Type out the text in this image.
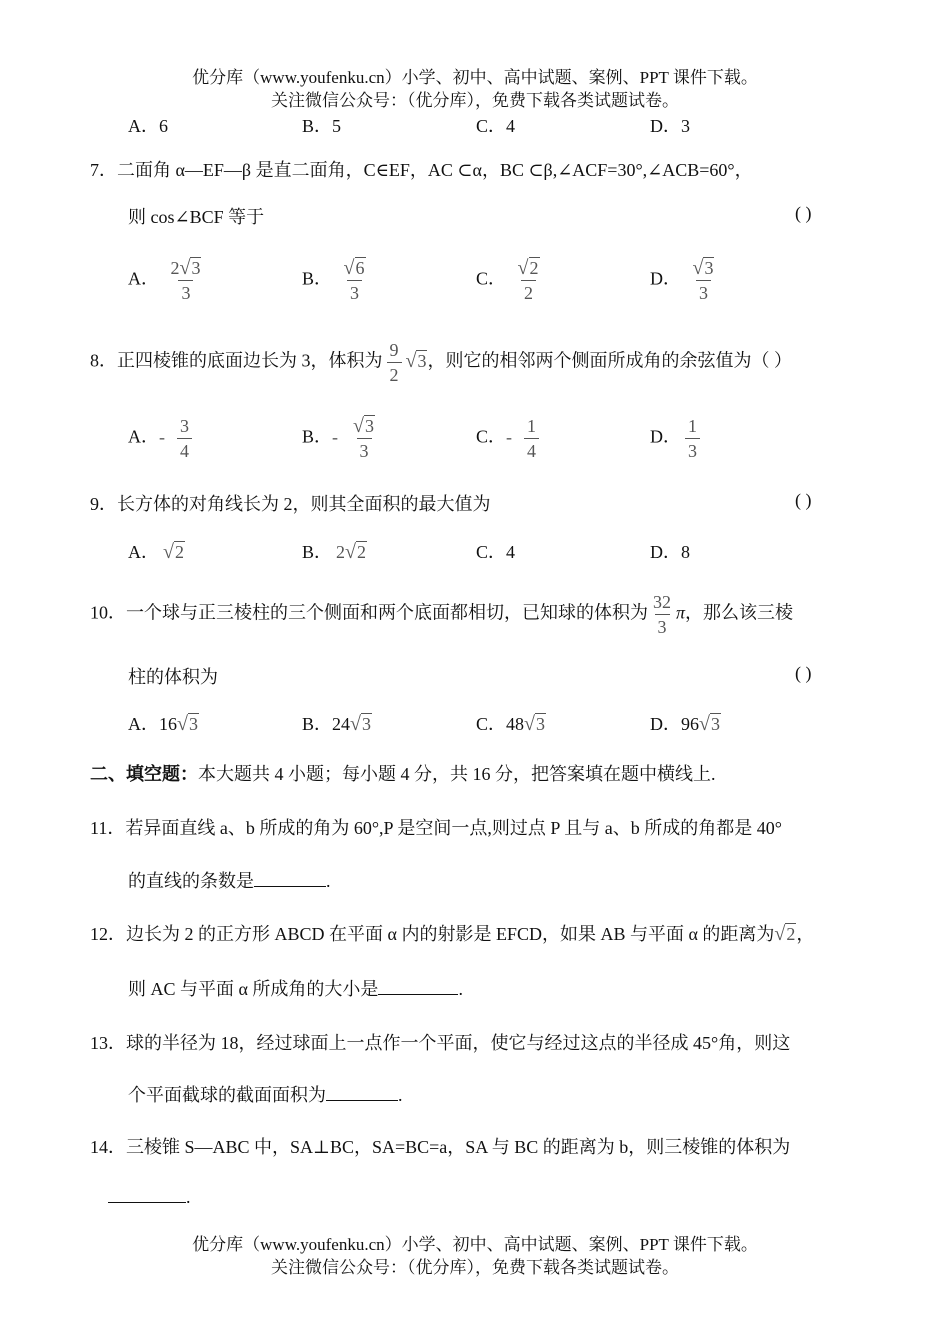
优分库（www.youfenku.cn）小学、初中、高中试题、案例、PPT 课件下载。
关注微信公众号：（优分库），免费下载各类试题试卷。
A．6	B．5	C．4	D．3
7．二面角 α—EF—β 是直二面角，C∈EF，AC ⊂α，BC ⊂β,∠ACF=30°,∠ACB=60°，
则 cos∠BCF 等于	( )
A． $\frac{2√3}{3}$	B． $\frac{√6}{3}$	C． $\frac{√2}{2}$	D． $\frac{√3}{3}$
8．正四棱锥的底面边长为 3，体积为 $\frac{9}{2} √3$，则它的相邻两个侧面所成角的余弦值为（ ）
A．- $\frac{3}{4}$	B．- $\frac{√3}{3}$	C．- $\frac{1}{4}$	D． $\frac{1}{3}$
9．长方体的对角线长为 2，则其全面积的最大值为	( )
A． √2	B． 2√2	C．4	D．8
10．一个球与正三棱柱的三个侧面和两个底面都相切，已知球的体积为 $\frac{32}{3}$ π，那么该三棱
柱的体积为	( )
A．16√3	B．24√3	C．48√3	D．96√3
二、填空题：本大题共 4 小题；每小题 4 分，共 16 分，把答案填在题中横线上.
11．若异面直线 a、b 所成的角为 60°,P 是空间一点,则过点 P 且与 a、b 所成的角都是 40°
的直线的条数是	.
12．边长为 2 的正方形 ABCD 在平面 α 内的射影是 EFCD，如果 AB 与平面 α 的距离为√2，
则 AC 与平面 α 所成角的大小是	.
13．球的半径为 18，经过球面上一点作一个平面，使它与经过这点的半径成 45°角，则这
个平面截球的截面面积为	.
14．三棱锥 S—ABC 中，SA⊥BC，SA=BC=a，SA 与 BC 的距离为 b，则三棱锥的体积为
.
优分库（www.youfenku.cn）小学、初中、高中试题、案例、PPT 课件下载。
关注微信公众号：（优分库），免费下载各类试题试卷。
